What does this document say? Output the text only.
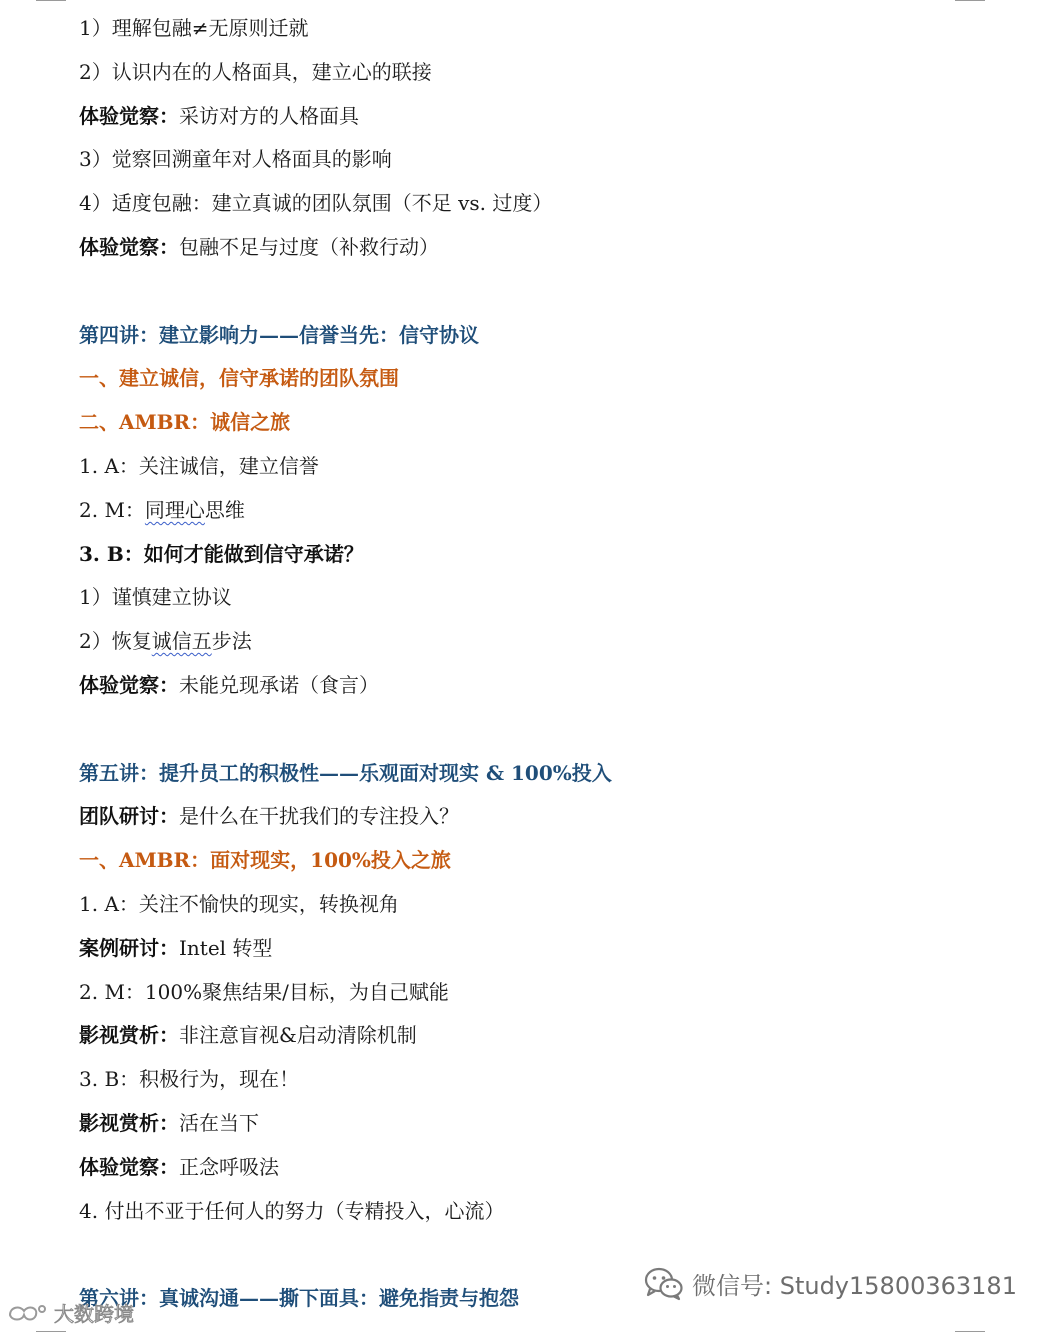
1）理解包融≠无原则迁就
2）认识内在的人格面具，建立心的联接
体验觉察：采访对方的人格面具
3）觉察回溯童年对人格面具的影响
4）适度包融：建立真诚的团队氛围（不足 vs. 过度）
体验觉察：包融不足与过度（补救行动）
第四讲：建立影响力——信誉当先：信守协议
一、建立诚信，信守承诺的团队氛围
二、AMBR：诚信之旅
1. A：关注诚信，建立信誉
2. M：同理心思维
3. B：如何才能做到信守承诺？
1）谨慎建立协议
2）恢复诚信五步法
体验觉察：未能兑现承诺（食言）
第五讲：提升员工的积极性——乐观面对现实 & 100%投入
团队研讨：是什么在干扰我们的专注投入？
一、AMBR：面对现实，100%投入之旅
1. A：关注不愉快的现实，转换视角
案例研讨：Intel 转型
2. M：100%聚焦结果/目标，为自己赋能
影视赏析：非注意盲视&启动清除机制
3. B：积极行为，现在！
影视赏析：活在当下
体验觉察：正念呼吸法
4. 付出不亚于任何人的努力（专精投入，心流）
第六讲：真诚沟通——撕下面具：避免指责与抱怨	微信号: Study15800363181
大数跨境
